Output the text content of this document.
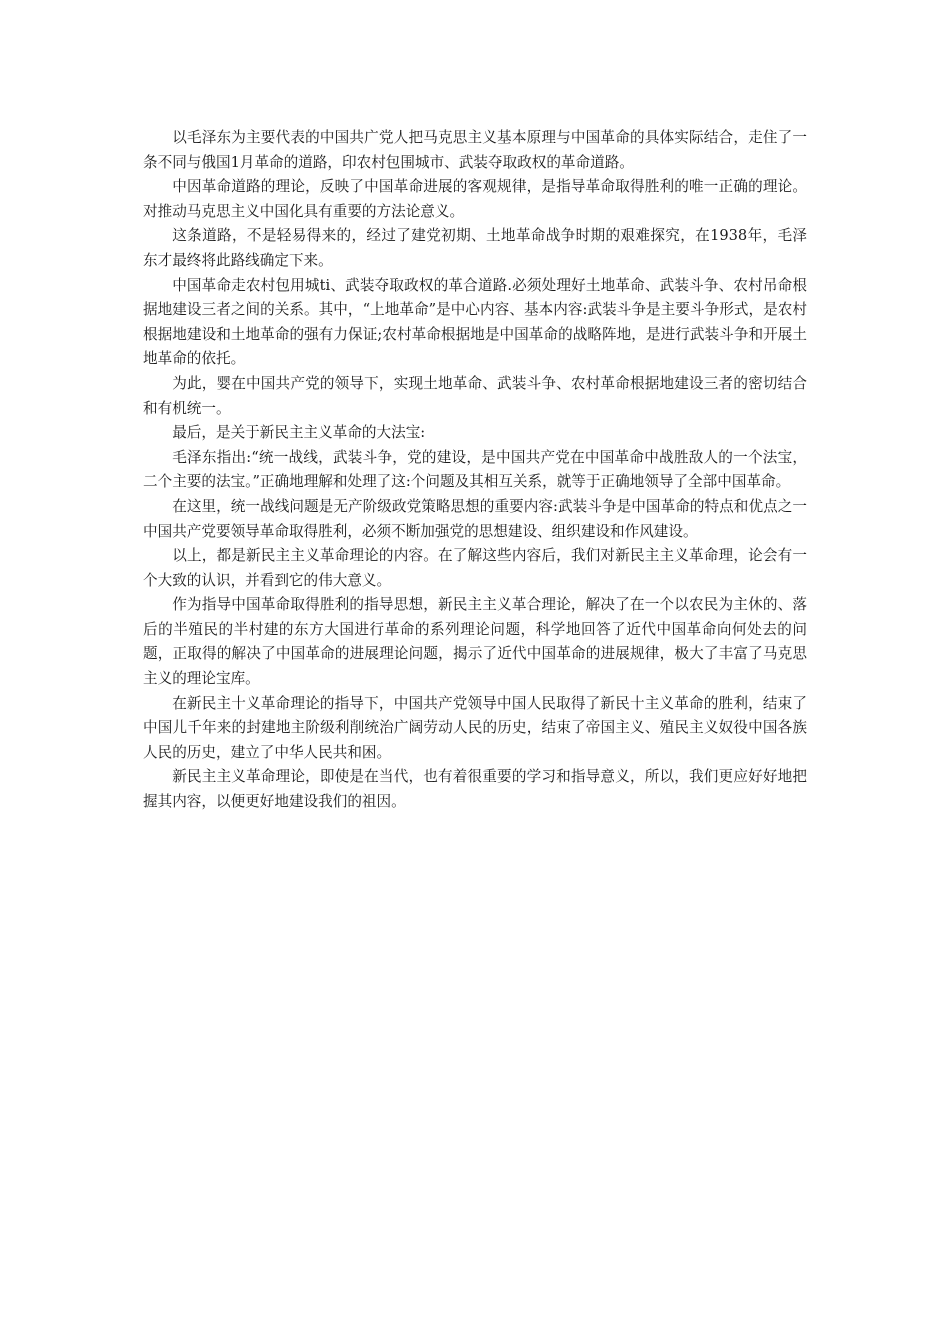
以毛泽东为主要代表的中国共广党人把马克思主义基本原理与中国革命的具体实际结合，走住了一条不同与俄国1月革命的道路，印农村包围城市、武装夺取政权的革命道路。

中因革命道路的理论，反映了中国革命进展的客观规律，是指导革命取得胜利的唯一正确的理论。对推动马克思主义中国化具有重要的方法论意义。

这条道路，不是轻易得来的，经过了建党初期、土地革命战争时期的艰难探究，在1938年，毛泽东才最终将此路线确定下来。

中国革命走农村包用城ti、武装夺取政权的革合道路.必须处理好土地革命、武装斗争、农村吊命根据地建设三者之间的关系。其中，“上地革命”是中心内容、基本内容:武装斗争是主要斗争形式，是农村根据地建设和土地革命的强有力保证;农村革命根据地是中国革命的战略阵地，是进行武装斗争和开展土地革命的依托。

为此，婴在中国共产党的领导下，实现土地革命、武装斗争、农村革命根据地建设三者的密切结合和有机统一。

最后，是关于新民主主义革命的大法宝:

毛泽东指出:“统一战线，武装斗争，党的建设，是中国共产党在中国革命中战胜敌人的一个法宝，二个主要的法宝。”正确地理解和处理了这:个问题及其相互关系，就等于正确地领导了全部中国革命。

在这里，统一战线问题是无产阶级政党策略思想的重要内容:武装斗争是中国革命的特点和优点之一中国共产党要领导革命取得胜利，必须不断加强党的思想建设、组织建设和作风建设。

以上，都是新民主主义革命理论的内容。在了解这些内容后，我们对新民主主义革命理，论会有一个大致的认识，并看到它的伟大意义。

作为指导中国革命取得胜利的指导思想，新民主主义革合理论，解决了在一个以农民为主休的、落后的半殖民的半村建的东方大国进行革命的系列理论问题，科学地回答了近代中国革命向何处去的问题，正取得的解决了中国革命的进展理论问题，揭示了近代中国革命的进展规律，极大了丰富了马克思主义的理论宝库。

在新民主十义革命理论的指导下，中国共产党领导中国人民取得了新民十主义革命的胜利，结束了中国儿千年来的封建地主阶级利削统治广阔劳动人民的历史，结束了帝国主义、殖民主义奴役中国各族人民的历史，建立了中华人民共和困。

新民主主义革命理论，即使是在当代，也有着很重要的学习和指导意义，所以，我们更应好好地把握其内容，以便更好地建设我们的祖因。
